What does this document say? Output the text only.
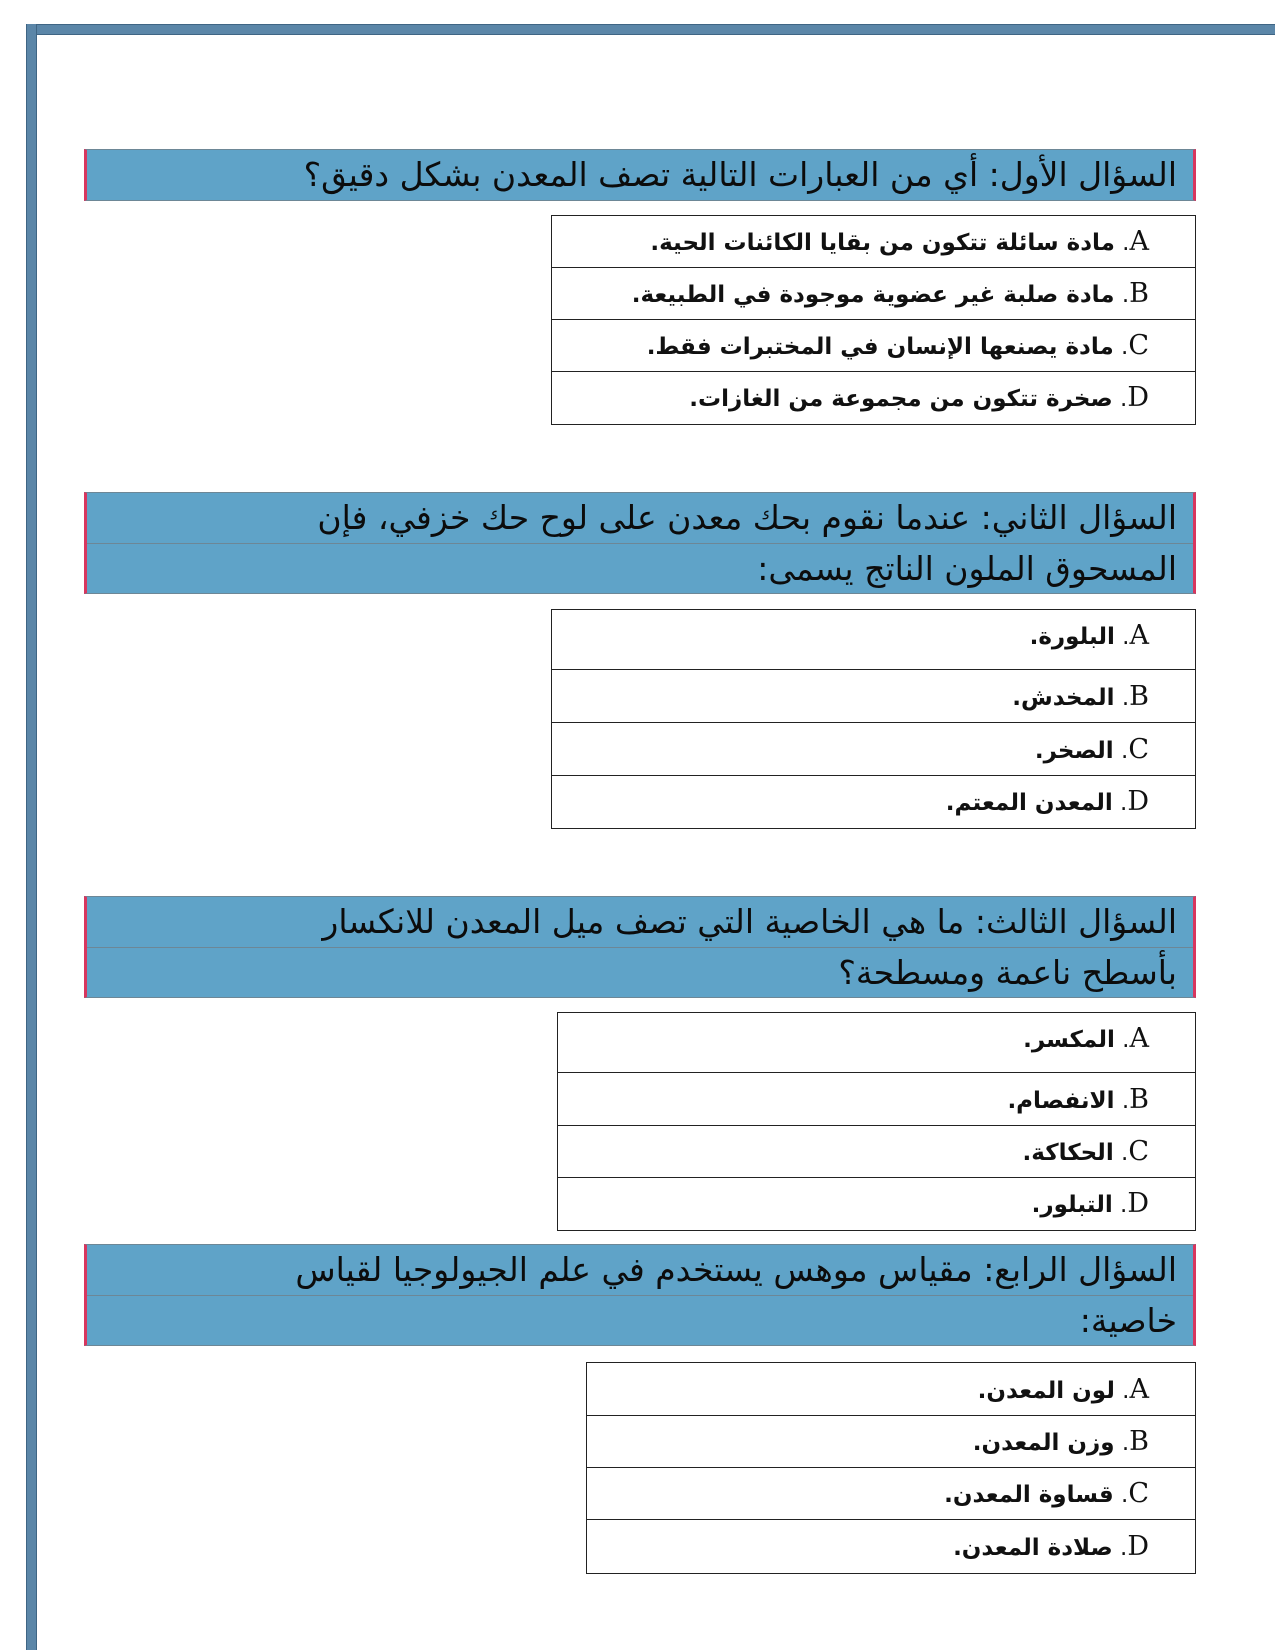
السؤال الأول: أي من العبارات التالية تصف المعدن بشكل دقيق؟
A. مادة سائلة تتكون من بقايا الكائنات الحية.
B. مادة صلبة غير عضوية موجودة في الطبيعة.
C. مادة يصنعها الإنسان في المختبرات فقط.
D. صخرة تتكون من مجموعة من الغازات.
السؤال الثاني: عندما نقوم بحك معدن على لوح حك خزفي، فإن
المسحوق الملون الناتج يسمى:
A. البلورة.
B. المخدش.
C. الصخر.
D. المعدن المعتم.
السؤال الثالث: ما هي الخاصية التي تصف ميل المعدن للانكسار
بأسطح ناعمة ومسطحة؟
A. المكسر.
B. الانفصام.
C. الحكاكة.
D. التبلور.
السؤال الرابع: مقياس موهس يستخدم في علم الجيولوجيا لقياس
خاصية:
A. لون المعدن.
B. وزن المعدن.
C. قساوة المعدن.
D. صلادة المعدن.
